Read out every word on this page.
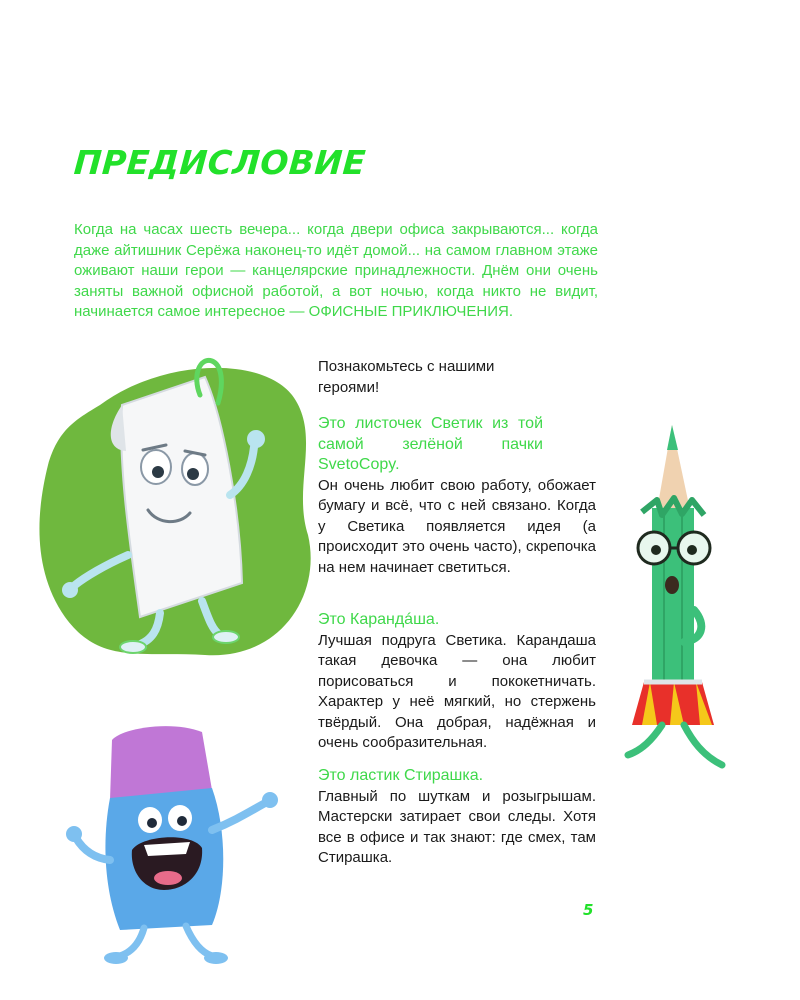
ПРЕДИСЛОВИЕ

Когда на часах шесть вечера... когда двери офиса закрываются... когда даже айтишник Серёжа наконец-то идёт домой... на самом главном этаже оживают наши герои — канцелярские принадлежности. Днём они очень заняты важной офисной работой, а вот ночью, когда никто не видит, начинается самое интересное — ОФИСНЫЕ ПРИКЛЮЧЕНИЯ.

Познакомьтесь с нашими героями!

Это листочек Светик из той самой зелёной пачки SvetoCopy.

Он очень любит свою работу, обожает бумагу и всё, что с ней связано. Когда у Светика появляется идея (а происходит это очень часто), скрепочка на нем начинает светиться.

Это Карандáша.

Лучшая подруга Светика. Карандаша такая девочка — она любит порисоваться и пококетничать. Характер у неё мягкий, но стержень твёрдый. Она добрая, надёжная и очень сообразительная.

Это ластик Стирашка.

Главный по шуткам и розыгрышам. Мастерски затирает свои следы. Хотя все в офисе и так знают: где смех, там Стирашка.

5
